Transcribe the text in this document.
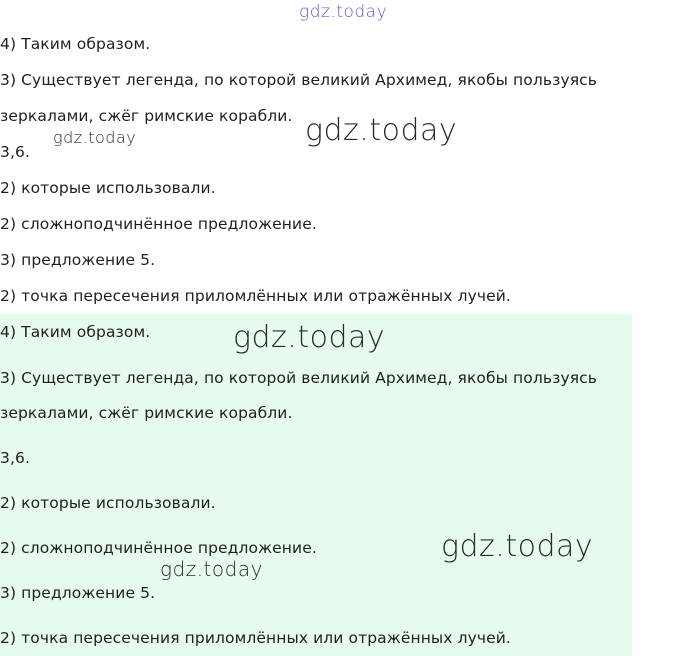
gdz.today
4) Таким образом.
3) Существует легенда, по которой великий Архимед, якобы пользуясь
зеркалами, сжёг римские корабли.
3,6.
2) которые использовали.
2) сложноподчинённое предложение.
3) предложение 5.
2) точка пересечения приломлённых или отражённых лучей.
4) Таким образом.
3) Существует легенда, по которой великий Архимед, якобы пользуясь
зеркалами, сжёг римские корабли.
3,6.
2) которые использовали.
2) сложноподчинённое предложение.
3) предложение 5.
2) точка пересечения приломлённых или отражённых лучей.
gdz.today	gdz.today
gdz.today
gdz.today
gdz.today
